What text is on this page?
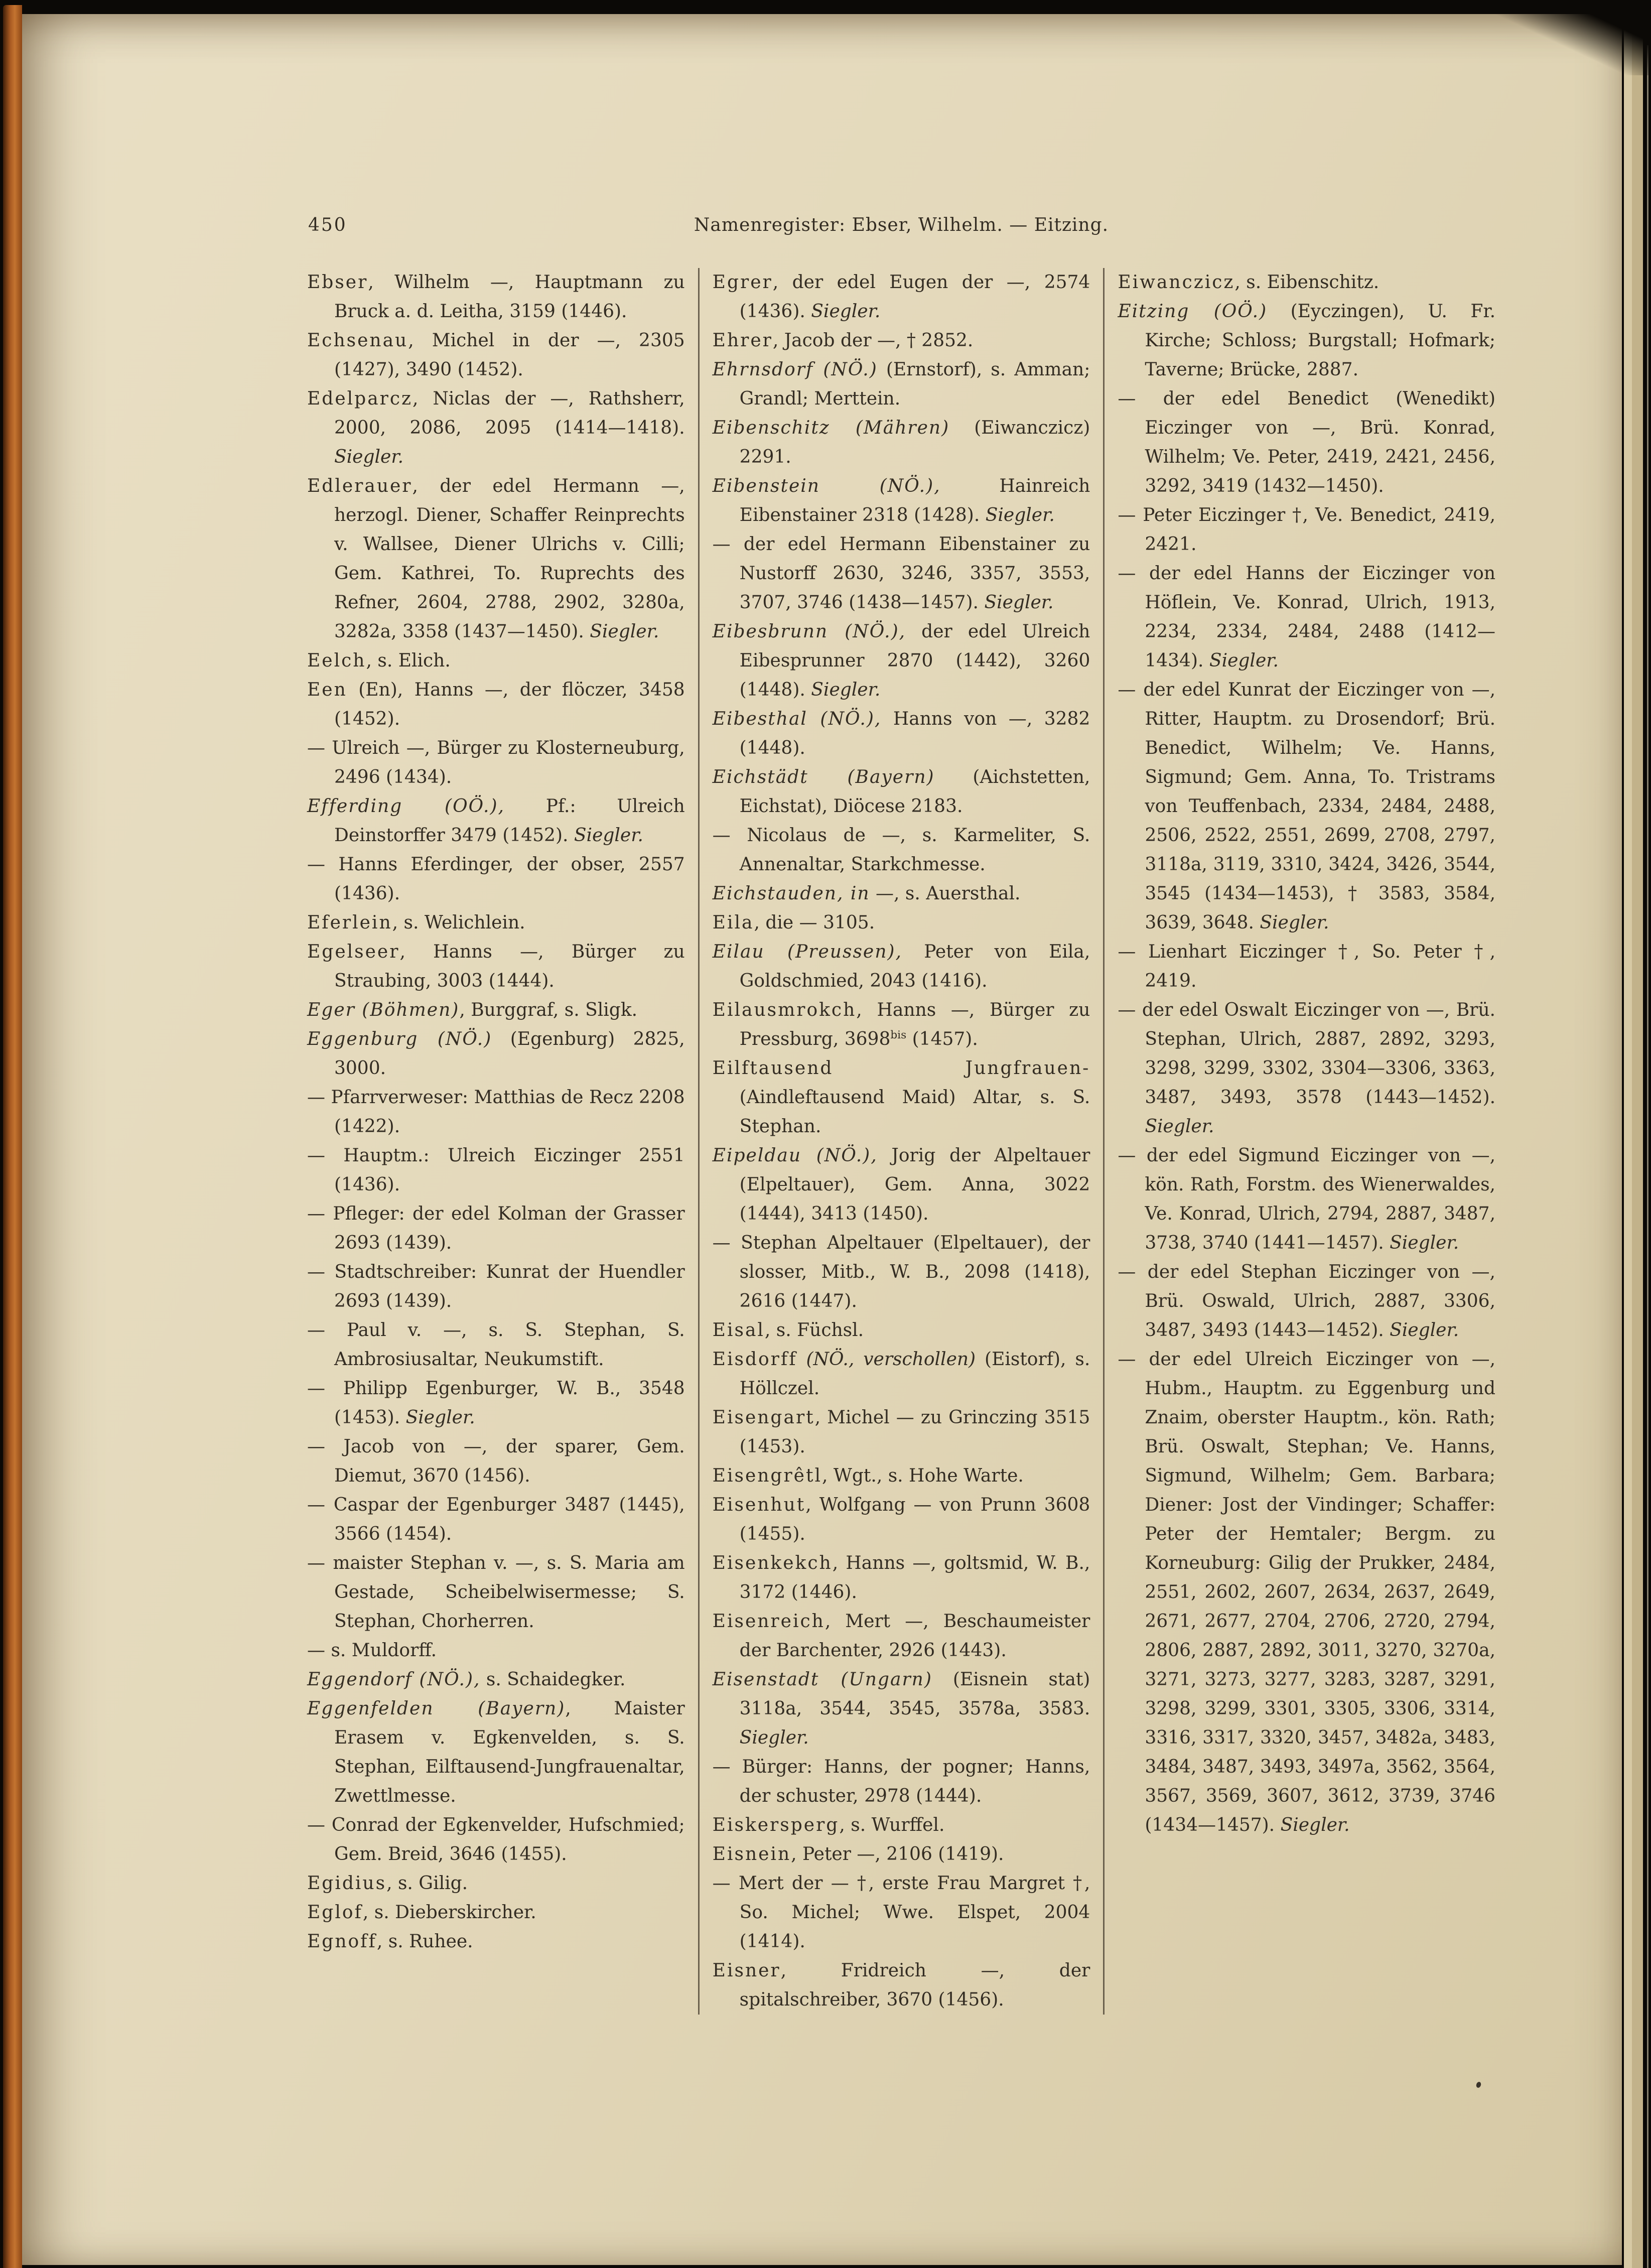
450	Namenregister: Ebser, Wilhelm. — Eitzing.

Ebser, Wilhelm —, Hauptmann zu Bruck a. d. Leitha, 3159 (1446).

Echsenau, Michel in der —, 2305 (1427), 3490 (1452).

Edelparcz, Niclas der —, Rathsherr, 2000, 2086, 2095 (1414—1418). Siegler.

Edlerauer, der edel Hermann —, herzogl. Diener, Schaffer Reinprechts v. Wallsee, Diener Ulrichs v. Cilli; Gem. Kathrei, To. Ruprechts des Refner, 2604, 2788, 2902, 3280a, 3282a, 3358 (1437—1450). Siegler.

Eelch, s. Elich.

Een (En), Hanns —, der flöczer, 3458 (1452).

— Ulreich —, Bürger zu Klosterneuburg, 2496 (1434).

Efferding (OÖ.), Pf.: Ulreich Deinstorffer 3479 (1452). Siegler.

— Hanns Eferdinger, der obser, 2557 (1436).

Eferlein, s. Welichlein.

Egelseer, Hanns —, Bürger zu Straubing, 3003 (1444).

Eger (Böhmen), Burggraf, s. Sligk.

Eggenburg (NÖ.) (Egenburg) 2825, 3000.

— Pfarrverweser: Matthias de Recz 2208 (1422).

— Hauptm.: Ulreich Eiczinger 2551 (1436).

— Pfleger: der edel Kolman der Grasser 2693 (1439).

— Stadtschreiber: Kunrat der Huendler 2693 (1439).

— Paul v. —, s. S. Stephan, S. Ambrosiusaltar, Neukumstift.

— Philipp Egenburger, W. B., 3548 (1453). Siegler.

— Jacob von —, der sparer, Gem. Diemut, 3670 (1456).

— Caspar der Egenburger 3487 (1445), 3566 (1454).

— maister Stephan v. —, s. S. Maria am Gestade, Scheibelwisermesse; S. Stephan, Chorherren.

— s. Muldorff.

Eggendorf (NÖ.), s. Schaidegker.

Eggenfelden (Bayern), Maister Erasem v. Egkenvelden, s. S. Stephan, Eilftausend-Jungfrauenaltar, Zwettlmesse.

— Conrad der Egkenvelder, Hufschmied; Gem. Breid, 3646 (1455).

Egidius, s. Gilig.

Eglof, s. Dieberskircher.

Egnoff, s. Ruhee.

Egrer, der edel Eugen der —, 2574 (1436). Siegler.

Ehrer, Jacob der —, † 2852.

Ehrnsdorf (NÖ.) (Ernstorf), s. Amman; Grandl; Merttein.

Eibenschitz (Mähren) (Eiwanczicz) 2291.

Eibenstein (NÖ.), Hainreich Eibenstainer 2318 (1428). Siegler.

— der edel Hermann Eibenstainer zu Nustorff 2630, 3246, 3357, 3553, 3707, 3746 (1438—1457). Siegler.

Eibesbrunn (NÖ.), der edel Ulreich Eibesprunner 2870 (1442), 3260 (1448). Siegler.

Eibesthal (NÖ.), Hanns von —, 3282 (1448).

Eichstädt (Bayern) (Aichstetten, Eichstat), Diöcese 2183.

— Nicolaus de —, s. Karmeliter, S. Annenaltar, Starkchmesse.

Eichstauden, in —, s. Auersthal.

Eila, die — 3105.

Eilau (Preussen), Peter von Eila, Goldschmied, 2043 (1416).

Eilausmrokch, Hanns —, Bürger zu Pressburg, $3698^{bis}$ (1457).

Eilftausend Jungfrauen-(Aindleftausend Maid) Altar, s. S. Stephan.

Eipeldau (NÖ.), Jorig der Alpeltauer (Elpeltauer), Gem. Anna, 3022 (1444), 3413 (1450).

— Stephan Alpeltauer (Elpeltauer), der slosser, Mitb., W. B., 2098 (1418), 2616 (1447).

Eisal, s. Füchsl.

Eisdorff (NÖ., verschollen) (Eistorf), s. Höllczel.

Eisengart, Michel — zu Grinczing 3515 (1453).

Eisengrêtl, Wgt., s. Hohe Warte.

Eisenhut, Wolfgang — von Prunn 3608 (1455).

Eisenkekch, Hanns —, goltsmid, W. B., 3172 (1446).

Eisenreich, Mert —, Beschaumeister der Barchenter, 2926 (1443).

Eisenstadt (Ungarn) (Eisnein stat) 3118a, 3544, 3545, 3578a, 3583. Siegler.

— Bürger: Hanns, der pogner; Hanns, der schuster, 2978 (1444).

Eiskersperg, s. Wurffel.

Eisnein, Peter —, 2106 (1419).

— Mert der — †, erste Frau Margret †, So. Michel; Wwe. Elspet, 2004 (1414).

Eisner, Fridreich —, der spitalschreiber, 3670 (1456).

Eiwanczicz, s. Eibenschitz.

Eitzing (OÖ.) (Eyczingen), U. Fr. Kirche; Schloss; Burgstall; Hofmark; Taverne; Brücke, 2887.

— der edel Benedict (Wenedikt) Eiczinger von —, Brü. Konrad, Wilhelm; Ve. Peter, 2419, 2421, 2456, 3292, 3419 (1432—1450).

— Peter Eiczinger †, Ve. Benedict, 2419, 2421.

— der edel Hanns der Eiczinger von Höflein, Ve. Konrad, Ulrich, 1913, 2234, 2334, 2484, 2488 (1412—1434). Siegler.

— der edel Kunrat der Eiczinger von —, Ritter, Hauptm. zu Drosendorf; Brü. Benedict, Wilhelm; Ve. Hanns, Sigmund; Gem. Anna, To. Tristrams von Teuffenbach, 2334, 2484, 2488, 2506, 2522, 2551, 2699, 2708, 2797, 3118a, 3119, 3310, 3424, 3426, 3544, 3545 (1434—1453), † 3583, 3584, 3639, 3648. Siegler.

— Lienhart Eiczinger †, So. Peter †, 2419.

— der edel Oswalt Eiczinger von —, Brü. Stephan, Ulrich, 2887, 2892, 3293, 3298, 3299, 3302, 3304—3306, 3363, 3487, 3493, 3578 (1443—1452). Siegler.

— der edel Sigmund Eiczinger von —, kön. Rath, Forstm. des Wienerwaldes, Ve. Konrad, Ulrich, 2794, 2887, 3487, 3738, 3740 (1441—1457). Siegler.

— der edel Stephan Eiczinger von —, Brü. Oswald, Ulrich, 2887, 3306, 3487, 3493 (1443—1452). Siegler.

— der edel Ulreich Eiczinger von —, Hubm., Hauptm. zu Eggenburg und Znaim, oberster Hauptm., kön. Rath; Brü. Oswalt, Stephan; Ve. Hanns, Sigmund, Wilhelm; Gem. Barbara; Diener: Jost der Vindinger; Schaffer: Peter der Hemtaler; Bergm. zu Korneuburg: Gilig der Prukker, 2484, 2551, 2602, 2607, 2634, 2637, 2649, 2671, 2677, 2704, 2706, 2720, 2794, 2806, 2887, 2892, 3011, 3270, 3270a, 3271, 3273, 3277, 3283, 3287, 3291, 3298, 3299, 3301, 3305, 3306, 3314, 3316, 3317, 3320, 3457, 3482a, 3483, 3484, 3487, 3493, 3497a, 3562, 3564, 3567, 3569, 3607, 3612, 3739, 3746 (1434—1457). Siegler.
